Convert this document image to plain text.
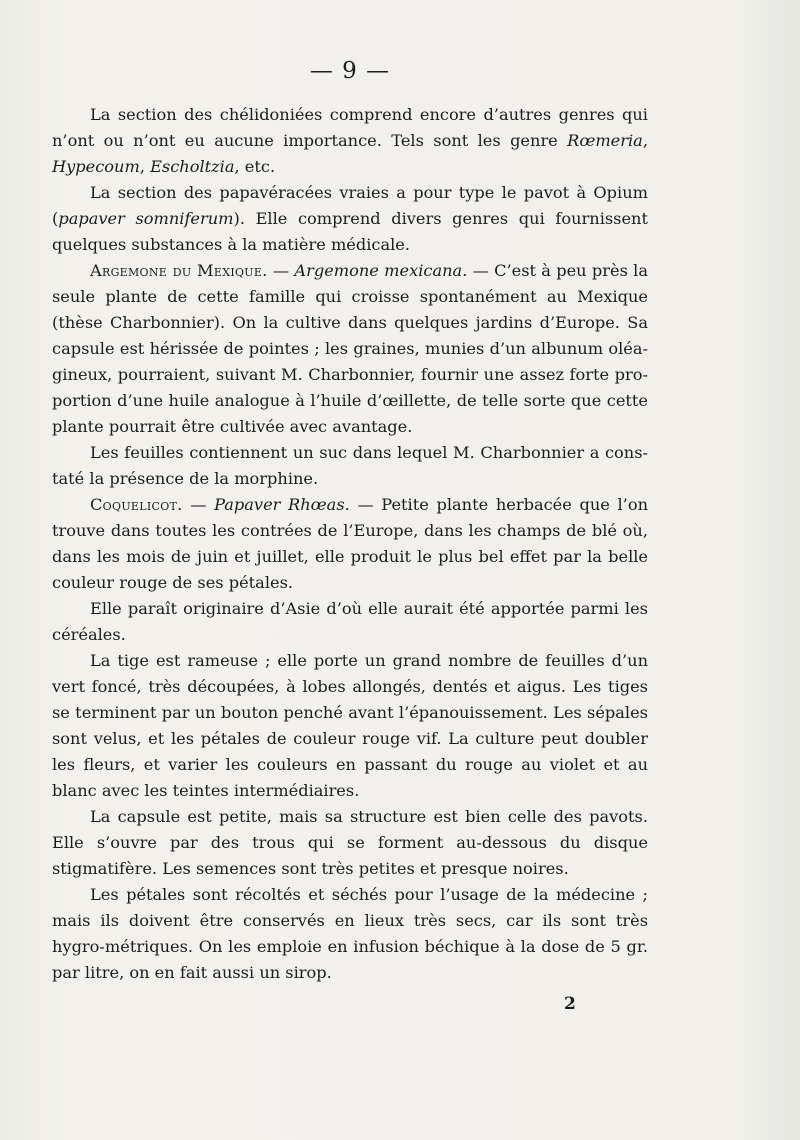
— 9 —

La section des chélidoniées comprend encore d’autres genres qui n’ont ou n’ont eu aucune importance. Tels sont les genre Rœmeria, Hypecoum, Escholtzia, etc.

La section des papavéracées vraies a pour type le pavot à Opium (papaver somniferum). Elle comprend divers genres qui fournissent quelques substances à la matière médicale.

Argemone du Mexique. — Argemone mexicana. — C’est à peu près la seule plante de cette famille qui croisse spontanément au Mexique (thèse Charbonnier). On la cultive dans quelques jardins d’Europe. Sa capsule est hérissée de pointes ; les graines, munies d’un albunum oléa-gineux, pourraient, suivant M. Charbonnier, fournir une assez forte pro-portion d’une huile analogue à l’huile d’œillette, de telle sorte que cette plante pourrait être cultivée avec avantage.

Les feuilles contiennent un suc dans lequel M. Charbonnier a cons-taté la présence de la morphine.

Coquelicot. — Papaver Rhœas. — Petite plante herbacée que l’on trouve dans toutes les contrées de l’Europe, dans les champs de blé où, dans les mois de juin et juillet, elle produit le plus bel effet par la belle couleur rouge de ses pétales.

Elle paraît originaire d’Asie d’où elle aurait été apportée parmi les céréales.

La tige est rameuse ; elle porte un grand nombre de feuilles d’un vert foncé, très découpées, à lobes allongés, dentés et aigus. Les tiges se terminent par un bouton penché avant l’épanouissement. Les sépales sont velus, et les pétales de couleur rouge vif. La culture peut doubler les fleurs, et varier les couleurs en passant du rouge au violet et au blanc avec les teintes intermédiaires.

La capsule est petite, mais sa structure est bien celle des pavots. Elle s’ouvre par des trous qui se forment au-dessous du disque stigmatifère. Les semences sont très petites et presque noires.

Les pétales sont récoltés et séchés pour l’usage de la médecine ; mais ils doivent être conservés en lieux très secs, car ils sont très hygro-métriques. On les emploie en infusion béchique à la dose de 5 gr. par litre, on en fait aussi un sirop.

2
